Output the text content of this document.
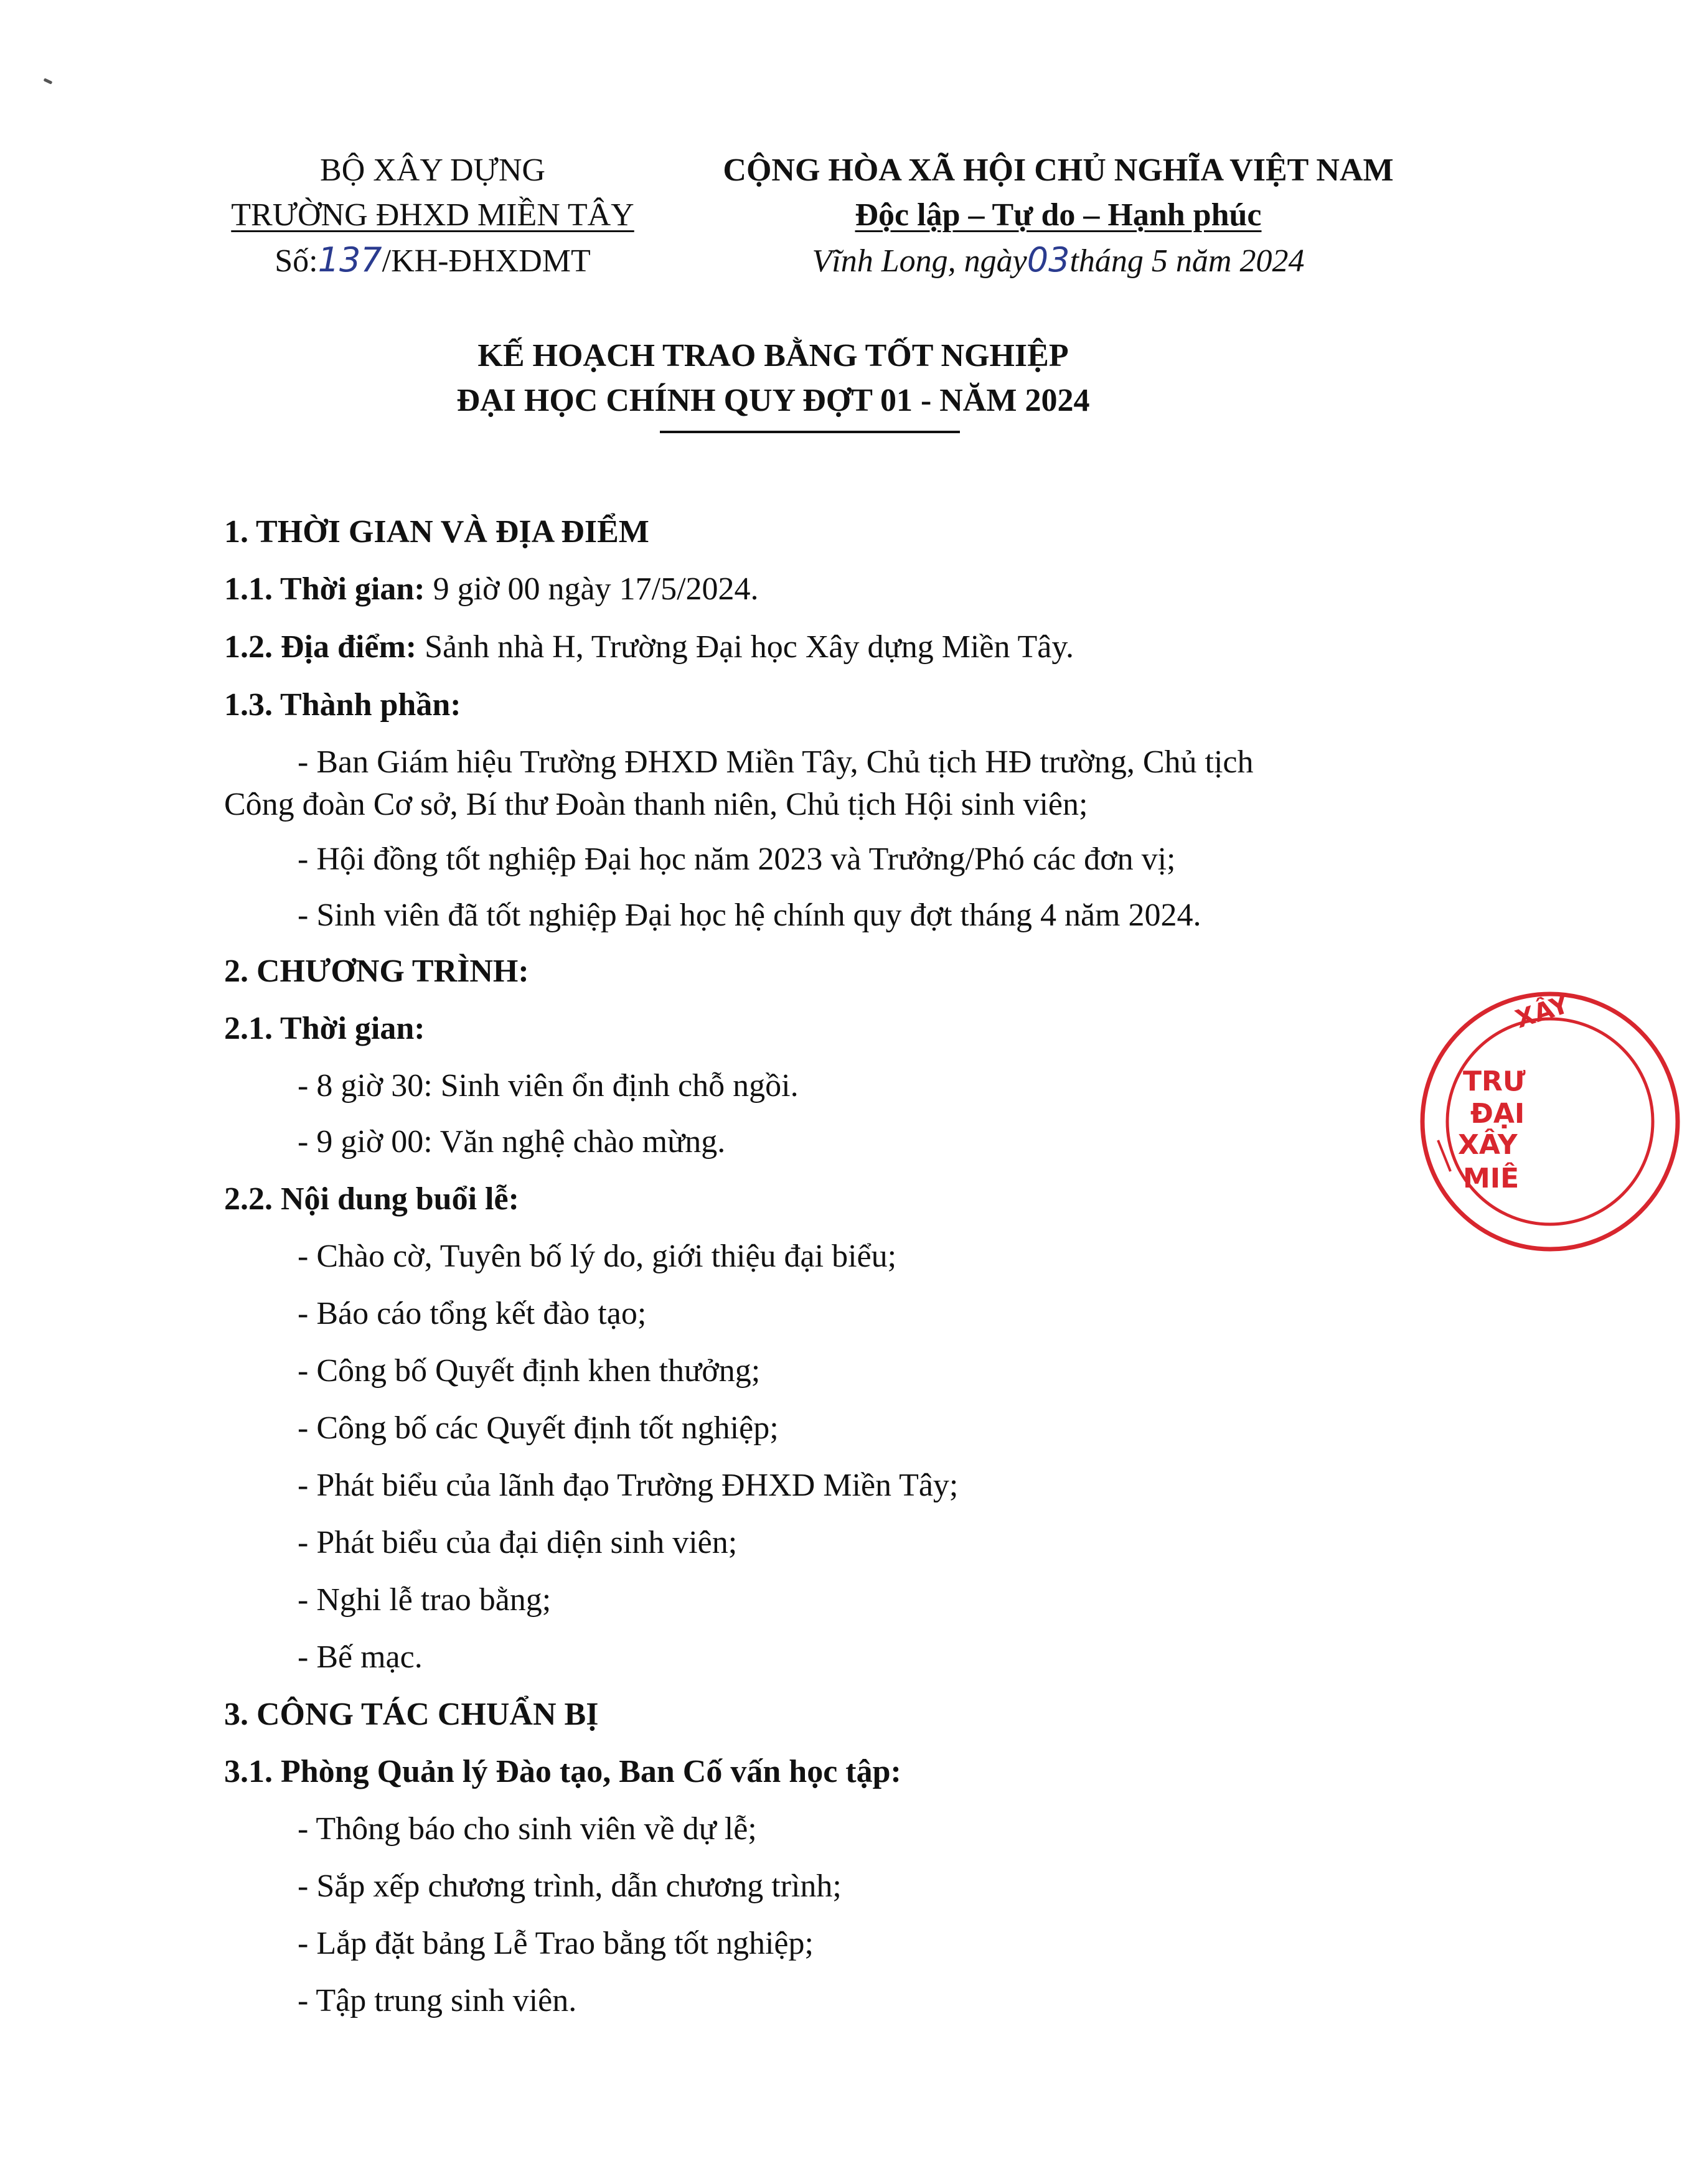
BỘ XÂY DỰNG
TRƯỜNG ĐHXD MIỀN TÂY
Số:137/KH-ĐHXDMT
CỘNG HÒA XÃ HỘI CHỦ NGHĨA VIỆT NAM
Độc lập – Tự do – Hạnh phúc
Vĩnh Long, ngày03tháng 5 năm 2024
KẾ HOẠCH TRAO BẰNG TỐT NGHIỆP
ĐẠI HỌC CHÍNH QUY ĐỢT 01 - NĂM 2024
1. THỜI GIAN VÀ ĐỊA ĐIỂM
1.1. Thời gian: 9 giờ 00 ngày 17/5/2024.
1.2. Địa điểm: Sảnh nhà H, Trường Đại học Xây dựng Miền Tây.
1.3. Thành phần:
- Ban Giám hiệu Trường ĐHXD Miền Tây, Chủ tịch HĐ trường, Chủ tịch
Công đoàn Cơ sở, Bí thư Đoàn thanh niên, Chủ tịch Hội sinh viên;
- Hội đồng tốt nghiệp Đại học năm 2023 và Trưởng/Phó các đơn vị;
- Sinh viên đã tốt nghiệp Đại học hệ chính quy đợt tháng 4 năm 2024.
2. CHƯƠNG TRÌNH:
2.1. Thời gian:
- 8 giờ 30: Sinh viên ổn định chỗ ngồi.
- 9 giờ 00: Văn nghệ chào mừng.
2.2. Nội dung buổi lễ:
- Chào cờ, Tuyên bố lý do, giới thiệu đại biểu;
- Báo cáo tổng kết đào tạo;
- Công bố Quyết định khen thưởng;
- Công bố các Quyết định tốt nghiệp;
- Phát biểu của lãnh đạo Trường ĐHXD Miền Tây;
- Phát biểu của đại diện sinh viên;
- Nghi lễ trao bằng;
- Bế mạc.
3. CÔNG TÁC CHUẨN BỊ
3.1. Phòng Quản lý Đào tạo, Ban Cố vấn học tập:
- Thông báo cho sinh viên về dự lễ;
- Sắp xếp chương trình, dẫn chương trình;
- Lắp đặt bảng Lễ Trao bằng tốt nghiệp;
- Tập trung sinh viên.
XÂY
TRƯ
ĐẠI
XÂY
MIÊ
